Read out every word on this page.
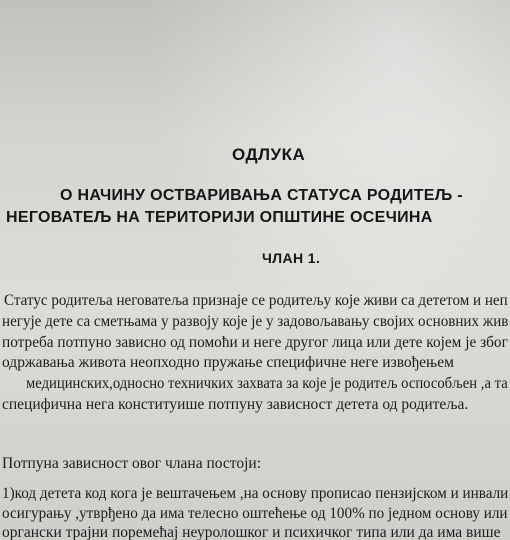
ОДЛУКА
О НАЧИНУ ОСТВАРИВАЊА СТАТУСА РОДИТЕЉ -
НЕГОВАТЕЉ НА ТЕРИТОРИЈИ ОПШТИНЕ ОСЕЧИНА
ЧЛАН 1.
Статус родитеља неговатеља признаје се родитељу које живи са дететом и неп
негује дете са сметњама у развоју које је у задовољавању својих основних жив
потреба потпуно зависно од помоћи и неге другог лица или дете којем је због
одржавања живота неопходно пружање специфичне неге извођењем
медицинских,односно техничких захвата за које је родитељ оспособљен ,а та
специфична нега конституише потпуну зависност детета од родитеља.
Потпуна зависност овог члана постоји:
1)код детета код кога је вештачењем ,на основу прописао пензијском и инвали
осигурању ,утврђено да има телесно оштећење од 100% по једном основу или
органски трајни поремећај неуролошког и психичког типа или да има више
